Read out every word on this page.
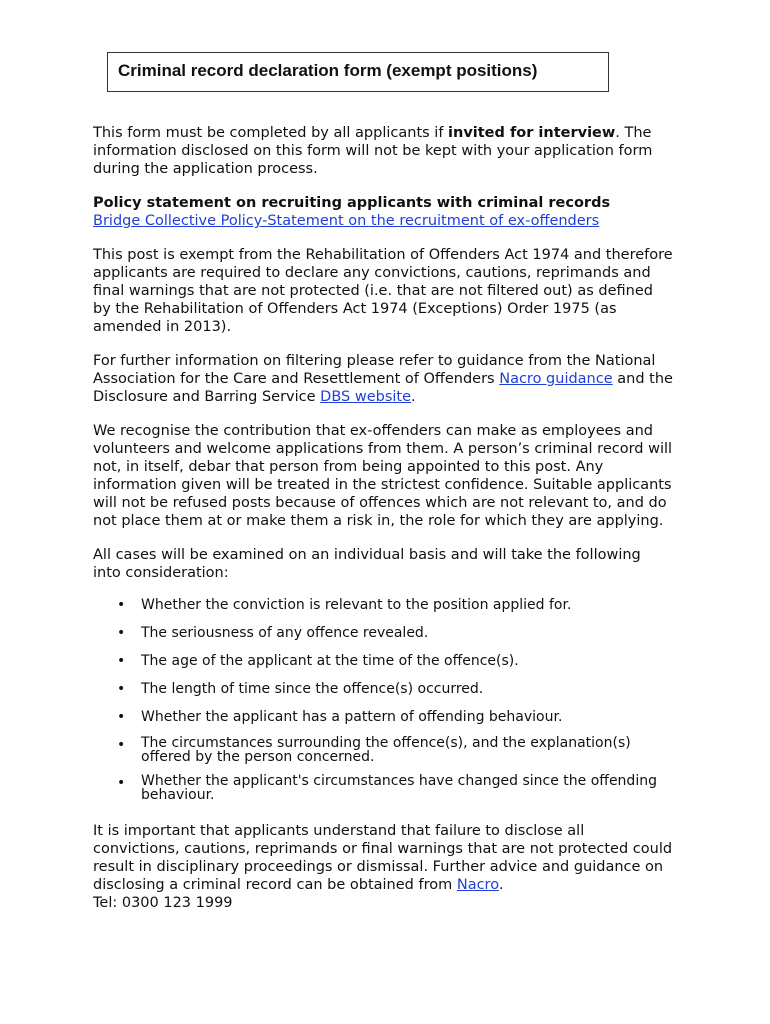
Criminal record declaration form (exempt positions)

This form must be completed by all applicants if invited for interview. The information disclosed on this form will not be kept with your application form during the application process.

Policy statement on recruiting applicants with criminal records
Bridge Collective Policy-Statement on the recruitment of ex-offenders

This post is exempt from the Rehabilitation of Offenders Act 1974 and therefore applicants are required to declare any convictions, cautions, reprimands and final warnings that are not protected (i.e. that are not filtered out) as defined by the Rehabilitation of Offenders Act 1974 (Exceptions) Order 1975 (as amended in 2013).

For further information on filtering please refer to guidance from the National Association for the Care and Resettlement of Offenders Nacro guidance and the Disclosure and Barring Service DBS website.

We recognise the contribution that ex-offenders can make as employees and volunteers and welcome applications from them. A person’s criminal record will not, in itself, debar that person from being appointed to this post. Any information given will be treated in the strictest confidence. Suitable applicants will not be refused posts because of offences which are not relevant to, and do not place them at or make them a risk in, the role for which they are applying.

All cases will be examined on an individual basis and will take the following into consideration:

• Whether the conviction is relevant to the position applied for.
• The seriousness of any offence revealed.
• The age of the applicant at the time of the offence(s).
• The length of time since the offence(s) occurred.
• Whether the applicant has a pattern of offending behaviour.
• The circumstances surrounding the offence(s), and the explanation(s) offered by the person concerned.
• Whether the applicant's circumstances have changed since the offending behaviour.

It is important that applicants understand that failure to disclose all convictions, cautions, reprimands or final warnings that are not protected could result in disciplinary proceedings or dismissal. Further advice and guidance on disclosing a criminal record can be obtained from Nacro.
Tel: 0300 123 1999
